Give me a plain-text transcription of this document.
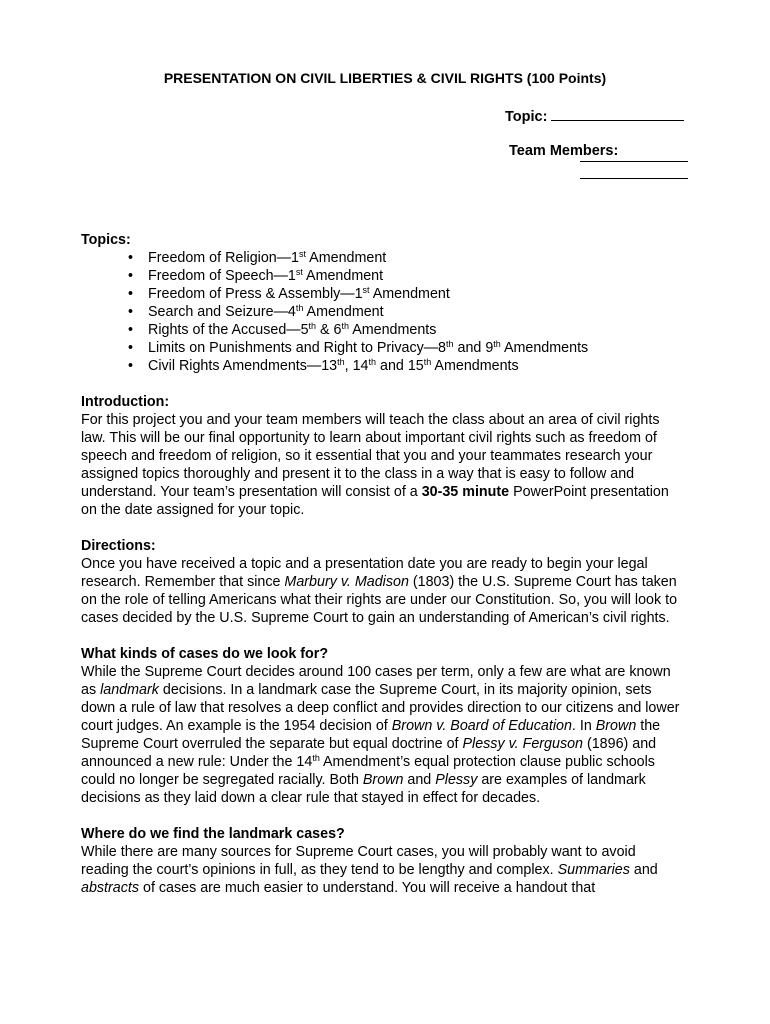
PRESENTATION ON CIVIL LIBERTIES & CIVIL RIGHTS (100 Points)
Topic:
Team Members:

Topics:

• Freedom of Religion—1st Amendment
• Freedom of Speech—1st Amendment
• Freedom of Press & Assembly—1st Amendment
• Search and Seizure—4th Amendment
• Rights of the Accused—5th & 6th Amendments
• Limits on Punishments and Right to Privacy—8th and 9th Amendments
• Civil Rights Amendments—13th, 14th and 15th Amendments

Introduction:

For this project you and your team members will teach the class about an area of civil rights law. This will be our final opportunity to learn about important civil rights such as freedom of speech and freedom of religion, so it essential that you and your teammates research your assigned topics thoroughly and present it to the class in a way that is easy to follow and understand. Your team’s presentation will consist of a 30-35 minute PowerPoint presentation on the date assigned for your topic.

Directions:

Once you have received a topic and a presentation date you are ready to begin your legal research. Remember that since Marbury v. Madison (1803) the U.S. Supreme Court has taken on the role of telling Americans what their rights are under our Constitution. So, you will look to cases decided by the U.S. Supreme Court to gain an understanding of American’s civil rights.

What kinds of cases do we look for?

While the Supreme Court decides around 100 cases per term, only a few are what are known as landmark decisions. In a landmark case the Supreme Court, in its majority opinion, sets down a rule of law that resolves a deep conflict and provides direction to our citizens and lower court judges. An example is the 1954 decision of Brown v. Board of Education. In Brown the Supreme Court overruled the separate but equal doctrine of Plessy v. Ferguson (1896) and announced a new rule: Under the 14th Amendment’s equal protection clause public schools could no longer be segregated racially. Both Brown and Plessy are examples of landmark decisions as they laid down a clear rule that stayed in effect for decades.

Where do we find the landmark cases?

While there are many sources for Supreme Court cases, you will probably want to avoid reading the court’s opinions in full, as they tend to be lengthy and complex. Summaries and abstracts of cases are much easier to understand. You will receive a handout that
